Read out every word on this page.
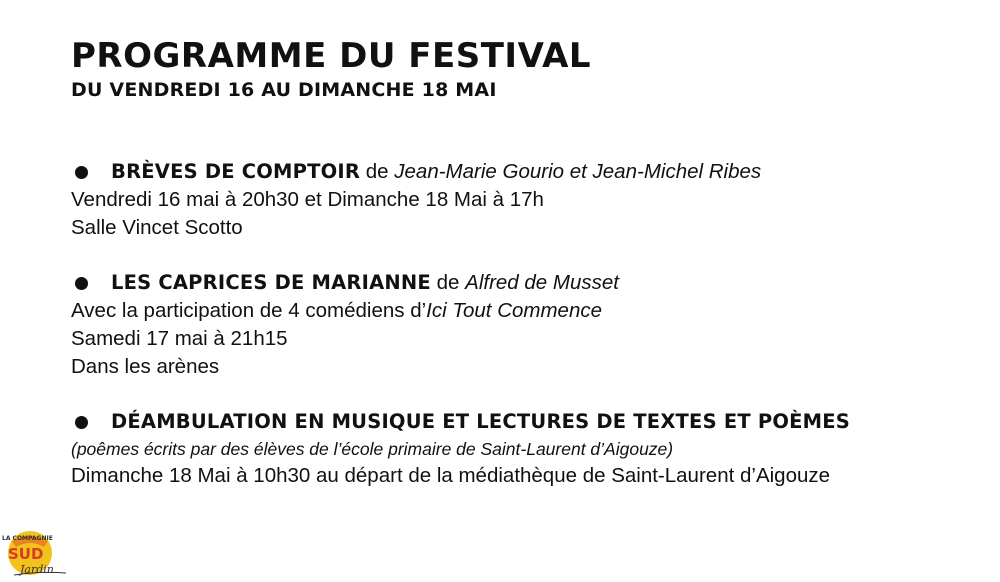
PROGRAMME DU FESTIVAL
DU VENDREDI 16 AU DIMANCHE 18 MAI
BRÈVES DE COMPTOIR de Jean-Marie Gourio et Jean-Michel Ribes
Vendredi 16 mai à 20h30 et Dimanche 18 Mai à 17h
Salle Vincet Scotto
LES CAPRICES DE MARIANNE de Alfred de Musset
Avec la participation de 4 comédiens d’Ici Tout Commence
Samedi 17 mai à 21h15
Dans les arènes
DÉAMBULATION EN MUSIQUE ET LECTURES DE TEXTES ET POÈMES
(poêmes écrits par des élèves de l’école primaire de Saint-Laurent d’Aigouze)
Dimanche 18 Mai à 10h30 au départ de la médiathèque de Saint-Laurent d’Aigouze
LA COMPAGNIE
SUD
Jardin
